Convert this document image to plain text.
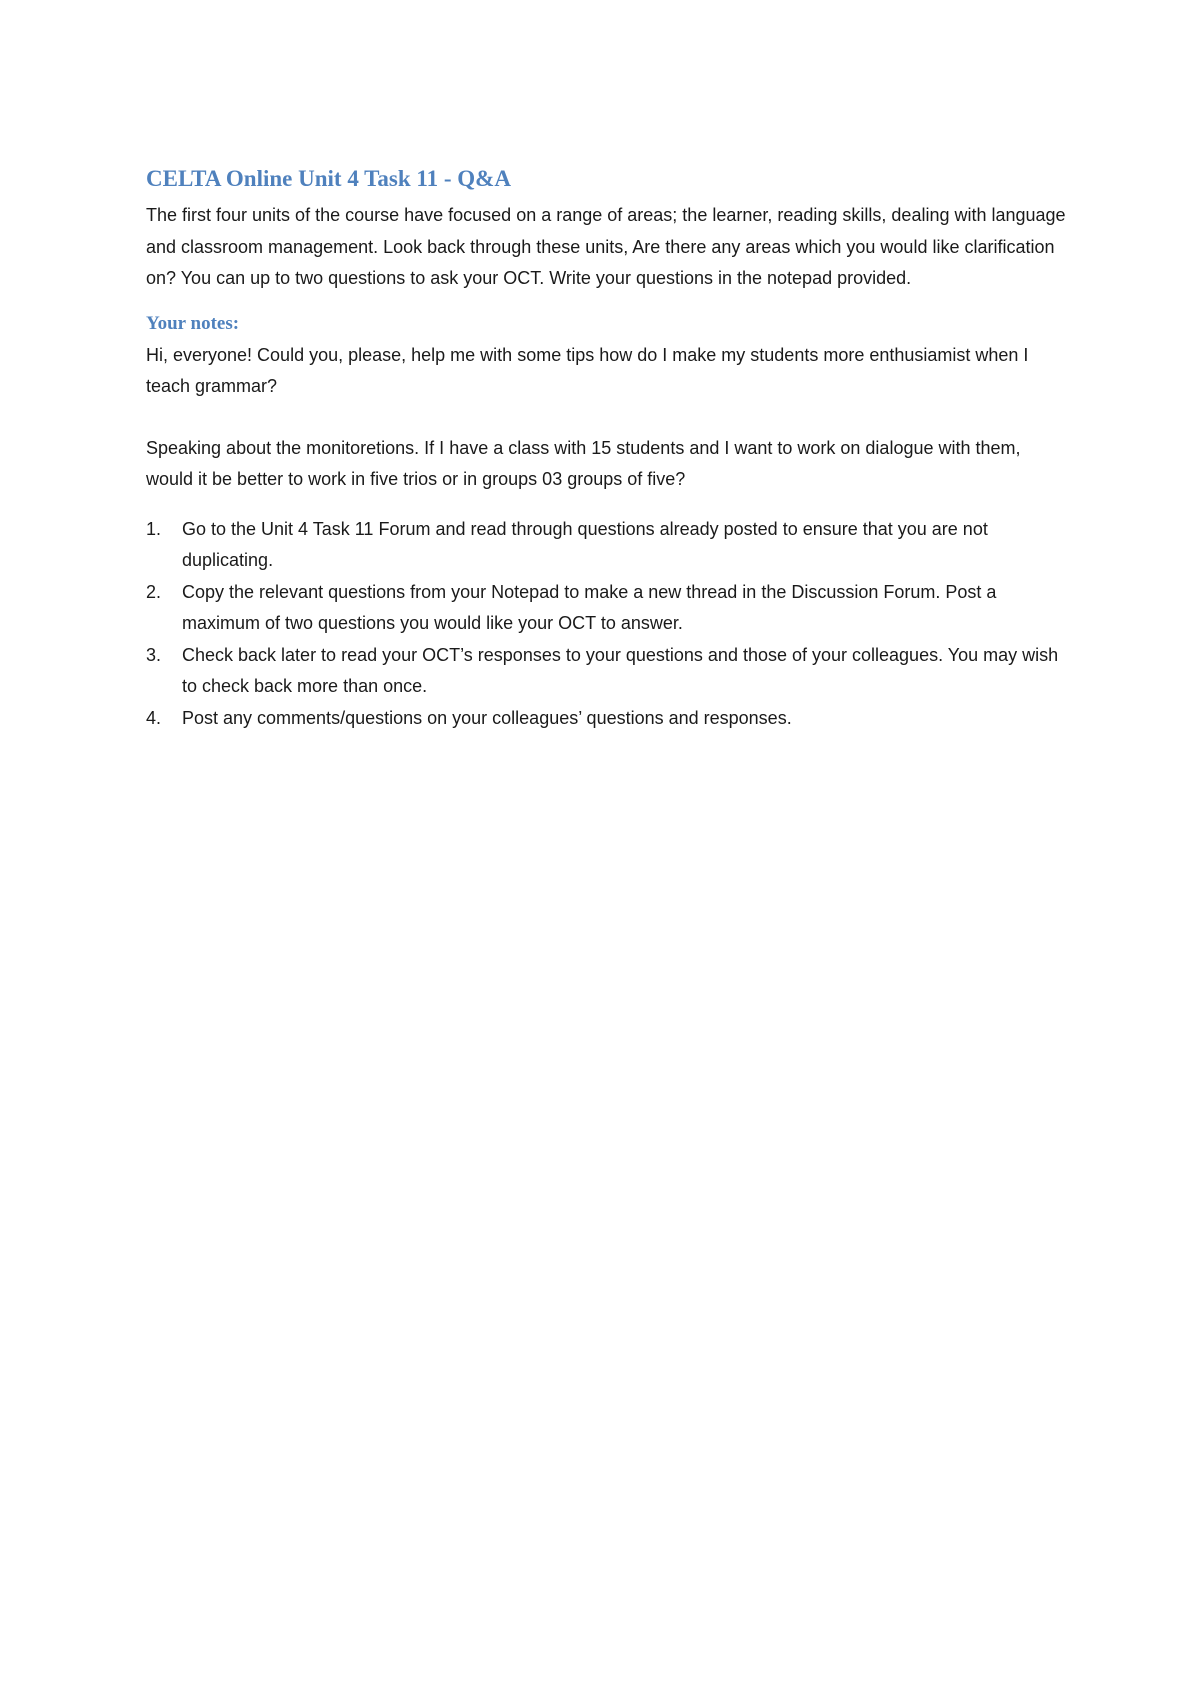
CELTA Online Unit 4 Task 11 - Q&A

The first four units of the course have focused on a range of areas; the learner, reading skills, dealing with language and classroom management. Look back through these units, Are there any areas which you would like clarification on? You can up to two questions to ask your OCT. Write your questions in the notepad provided.

Your notes:

Hi, everyone! Could you, please, help me with some tips how do I make my students more enthusiamist when I teach grammar?

Speaking about the monitoretions. If I have a class with 15 students and I want to work on dialogue with them, would it be better to work in five trios or in groups 03 groups of five?

1. Go to the Unit 4 Task 11 Forum and read through questions already posted to ensure that you are not duplicating.
2. Copy the relevant questions from your Notepad to make a new thread in the Discussion Forum. Post a maximum of two questions you would like your OCT to answer.
3. Check back later to read your OCT’s responses to your questions and those of your colleagues. You may wish to check back more than once.
4. Post any comments/questions on your colleagues’ questions and responses.
